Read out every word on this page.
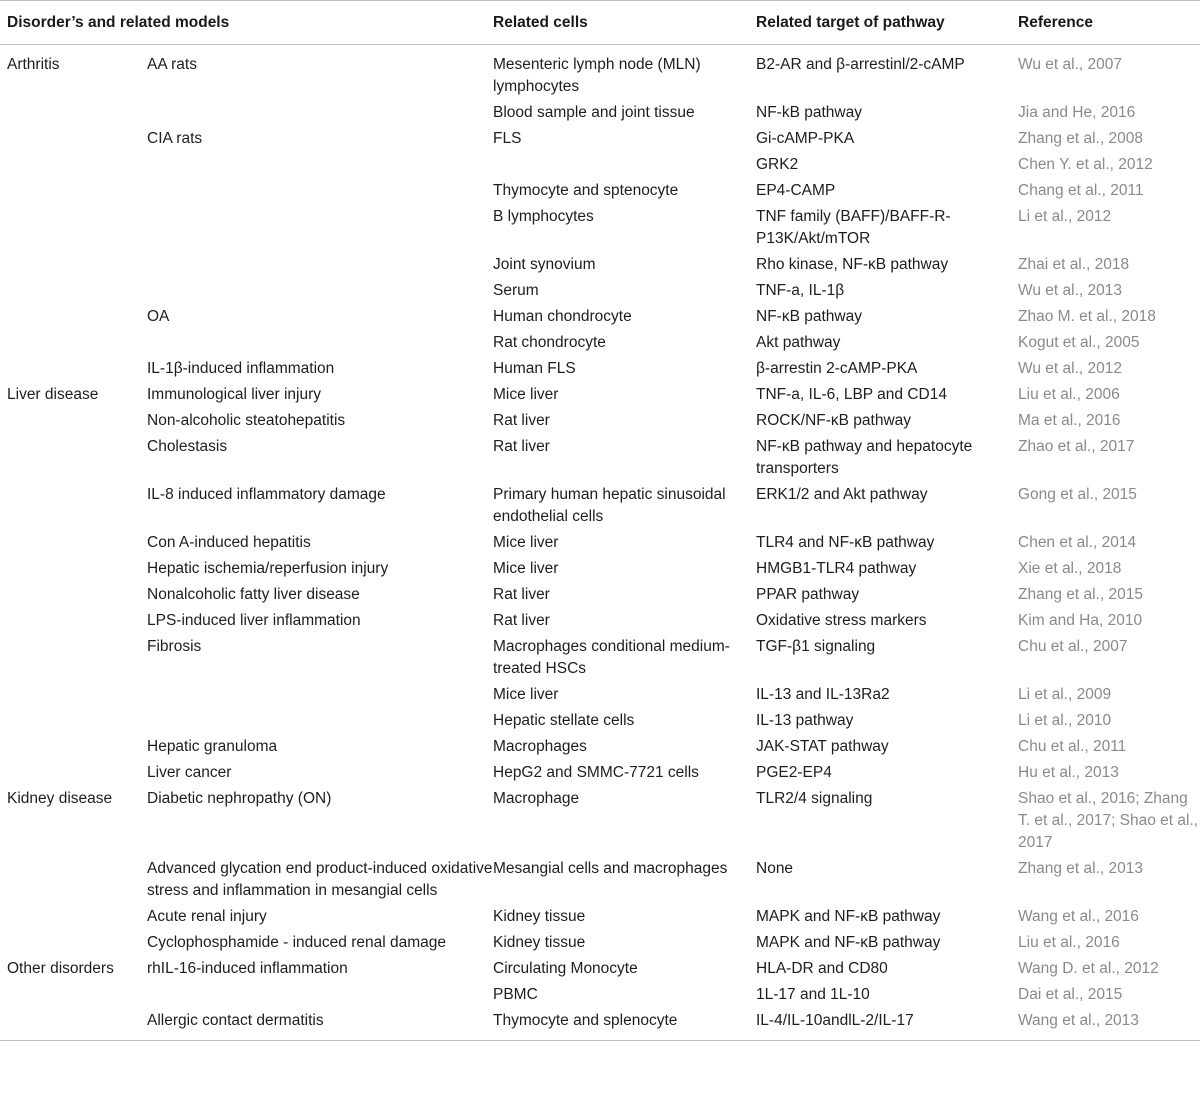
Disorder’s and related models		Related cells	Related target of pathway	Reference
Arthritis	AA rats	Mesenteric lymph node (MLN) lymphocytes	B2-AR and β-arrestinl/2-cAMP	Wu et al., 2007
		Blood sample and joint tissue	NF-kB pathway	Jia and He, 2016
	CIA rats	FLS	Gi-cAMP-PKA	Zhang et al., 2008
			GRK2	Chen Y. et al., 2012
		Thymocyte and sptenocyte	EP4-CAMP	Chang et al., 2011
		B lymphocytes	TNF family (BAFF)/BAFF-R-P13K/Akt/mTOR	Li et al., 2012
		Joint synovium	Rho kinase, NF-κB pathway	Zhai et al., 2018
		Serum	TNF-a, IL-1β	Wu et al., 2013
	OA	Human chondrocyte	NF-κB pathway	Zhao M. et al., 2018
		Rat chondrocyte	Akt pathway	Kogut et al., 2005
	IL-1β-induced inflammation	Human FLS	β-arrestin 2-cAMP-PKA	Wu et al., 2012
Liver disease	Immunological liver injury	Mice liver	TNF-a, IL-6, LBP and CD14	Liu et al., 2006
	Non-alcoholic steatohepatitis	Rat liver	ROCK/NF-κB pathway	Ma et al., 2016
	Cholestasis	Rat liver	NF-κB pathway and hepatocyte transporters	Zhao et al., 2017
	IL-8 induced inflammatory damage	Primary human hepatic sinusoidal endothelial cells	ERK1/2 and Akt pathway	Gong et al., 2015
	Con A-induced hepatitis	Mice liver	TLR4 and NF-κB pathway	Chen et al., 2014
	Hepatic ischemia/reperfusion injury	Mice liver	HMGB1-TLR4 pathway	Xie et al., 2018
	Nonalcoholic fatty liver disease	Rat liver	PPAR pathway	Zhang et al., 2015
	LPS-induced liver inflammation	Rat liver	Oxidative stress markers	Kim and Ha, 2010
	Fibrosis	Macrophages conditional medium-treated HSCs	TGF-β1 signaling	Chu et al., 2007
		Mice liver	IL-13 and IL-13Ra2	Li et al., 2009
		Hepatic stellate cells	IL-13 pathway	Li et al., 2010
	Hepatic granuloma	Macrophages	JAK-STAT pathway	Chu et al., 2011
	Liver cancer	HepG2 and SMMC-7721 cells	PGE2-EP4	Hu et al., 2013
Kidney disease	Diabetic nephropathy (ON)	Macrophage	TLR2/4 signaling	Shao et al., 2016; Zhang T. et al., 2017; Shao et al., 2017
	Advanced glycation end product-induced oxidative stress and inflammation in mesangial cells	Mesangial cells and macrophages	None	Zhang et al., 2013
	Acute renal injury	Kidney tissue	MAPK and NF-κB pathway	Wang et al., 2016
	Cyclophosphamide - induced renal damage	Kidney tissue	MAPK and NF-κB pathway	Liu et al., 2016
Other disorders	rhIL-16-induced inflammation	Circulating Monocyte	HLA-DR and CD80	Wang D. et al., 2012
		PBMC	1L-17 and 1L-10	Dai et al., 2015
	Allergic contact dermatitis	Thymocyte and splenocyte	IL-4/IL-10andlL-2/IL-17	Wang et al., 2013
